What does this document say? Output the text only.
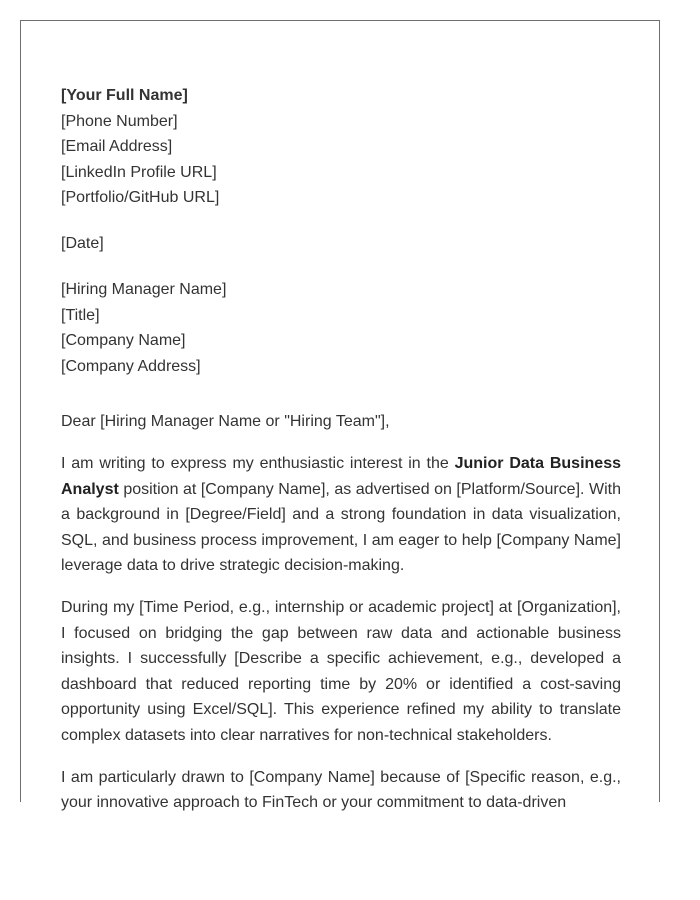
[Your Full Name]
[Phone Number]
[Email Address]
[LinkedIn Profile URL]
[Portfolio/GitHub URL]
[Date]
[Hiring Manager Name]
[Title]
[Company Name]
[Company Address]

Dear [Hiring Manager Name or "Hiring Team"],

I am writing to express my enthusiastic interest in the Junior Data Business Analyst position at [Company Name], as advertised on [Platform/Source]. With a background in [Degree/Field] and a strong foundation in data visualization, SQL, and business process improvement, I am eager to help [Company Name] leverage data to drive strategic decision-making.

During my [Time Period, e.g., internship or academic project] at [Organization], I focused on bridging the gap between raw data and actionable business insights. I successfully [Describe a specific achievement, e.g., developed a dashboard that reduced reporting time by 20% or identified a cost-saving opportunity using Excel/SQL]. This experience refined my ability to translate complex datasets into clear narratives for non-technical stakeholders.

I am particularly drawn to [Company Name] because of [Specific reason, e.g., your innovative approach to FinTech or your commitment to data-driven
